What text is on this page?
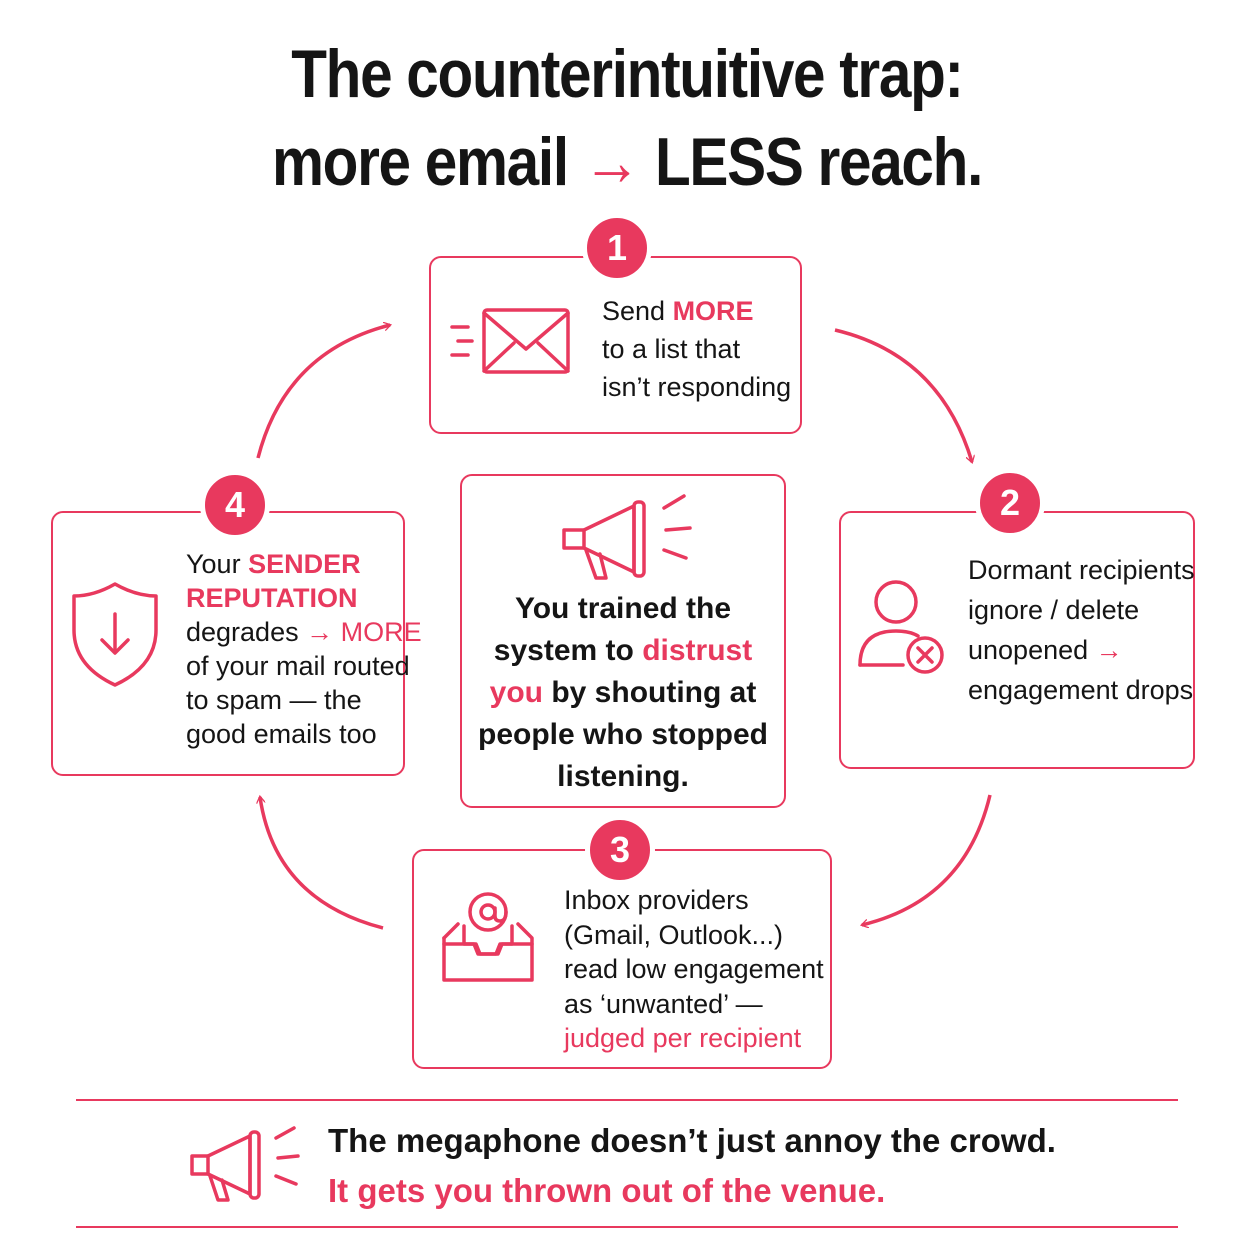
The counterintuitive trap:
more email → LESS reach.
1
Send MORE
to a list that
isn’t responding
2
Dormant recipients
ignore / delete
unopened →
engagement drops
3
Inbox providers
(Gmail, Outlook...)
read low engagement
as ‘unwanted’ —
judged per recipient
4
Your SENDER
REPUTATION
degrades → MORE
of your mail routed
to spam — the
good emails too
You trained the
system to distrust
you by shouting at
people who stopped
listening.
The megaphone doesn’t just annoy the crowd.
It gets you thrown out of the venue.
